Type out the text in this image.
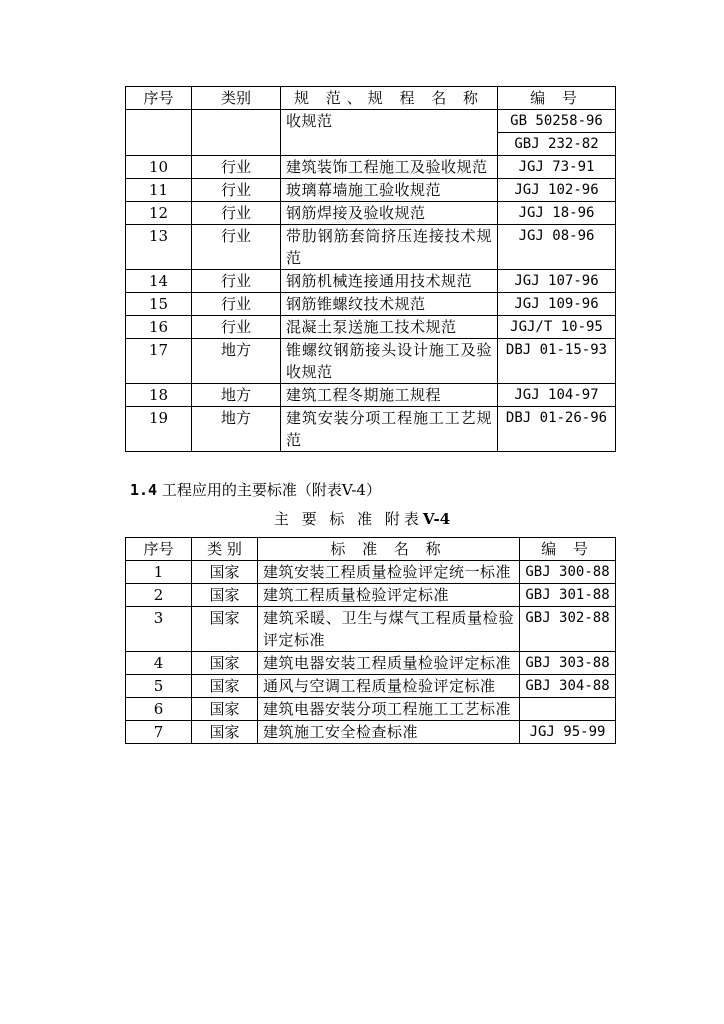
序号	类别	规 范、规 程 名 称	编 号
		收规范	GB 50258-96
			GBJ 232-82
10	行业	建筑装饰工程施工及验收规范	JGJ 73-91
11	行业	玻璃幕墙施工验收规范	JGJ 102-96
12	行业	钢筋焊接及验收规范	JGJ 18-96
13	行业	带肋钢筋套筒挤压连接技术规范	JGJ 08-96
14	行业	钢筋机械连接通用技术规范	JGJ 107-96
15	行业	钢筋锥螺纹技术规范	JGJ 109-96
16	行业	混凝土泵送施工技术规范	JGJ/T 10-95
17	地方	锥螺纹钢筋接头设计施工及验收规范	DBJ 01-15-93
18	地方	建筑工程冬期施工规程	JGJ 104-97
19	地方	建筑安装分项工程施工工艺规范	DBJ 01-26-96
1.4 工程应用的主要标准（附表V-4）
主 要 标 准 附表V-4
序号	类 别	标 准 名 称	编 号
1	国家	建筑安装工程质量检验评定统一标准	GBJ 300-88
2	国家	建筑工程质量检验评定标准	GBJ 301-88
3	国家	建筑采暖、卫生与煤气工程质量检验评定标准	GBJ 302-88
4	国家	建筑电器安装工程质量检验评定标准	GBJ 303-88
5	国家	通风与空调工程质量检验评定标准	GBJ 304-88
6	国家	建筑电器安装分项工程施工工艺标准	
7	国家	建筑施工安全检查标准	JGJ 95-99
